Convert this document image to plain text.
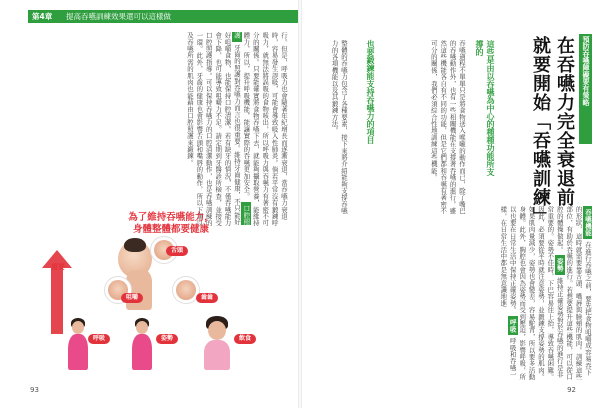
第4章 提高吞嚥訓練效果還可以這樣做
行。但是，呼吸力也會隨著年紀增長而逐漸衰退，當吞嚥力衰退時，容易發生誤吸，可能會導致吸入性肺炎。倘若平常沒有鍛鍊呼吸力，就無法將誤吸的食物咳出，所以呼吸力與吞嚥力有著密不可分的關係。只要能確實將食物吞嚥下去，就能夠攝取營養，能維持體力，所以，提升呼吸機能，能讓實際的吞嚥更加安全。 口腔照護 牙齒的照護對吞嚥力而言也很重要。維持牙齒健康，不只能好好咀嚼食物，也能保持口腔清潔。若有缺牙的情況，不僅吞嚥能力會下降，也可能導致咀嚼力不足。請定期到牙醫診所檢查，並接受口腔照護指導。可以保持吞嚥力的口腔清潔動作，也是吞嚥訓練的一環。此外，牙齒的健康也會影響舌頭和嘴唇的動作，所以下頷以及吞嚥所需的肌肉也能藉由口腔照護來鍛鍊。
為了維持吞嚥能力，
身體整體都要健康
舌頭
咀嚼	齒齒
重要
呼吸	姿勢	飲食
93
預防吞嚥障礙要有策略
在吞嚥力完全衰退前
就要開始「吞嚥訓練」
這些是由以吞嚥為中心的種種功能所支撐的
吞嚥過程不單單只是將食物送入喉嚨的動作而已，除了嘴巴的吞嚥動作外，也有一些相關機能在支撐著吞嚥的進行。雖然這些機能各自有不同的功能，但是它們都和吞嚥有著密不可分的關係，我們必須綜合性地訓練這些機能。
也要鍛鍊能支持吞嚥力的項目
整體的吞嚥力包含了各種要素，接下來將介紹能夠支撐吞嚥力的各項機能以及其鍛鍊方法。
吞嚥機能 在進行吞嚥之前，要先把食物咀嚼成容易吞下的形狀，這時就需要靠舌頭、嘴唇與臉頰的肌肉。訓練這些部位，有助於吞嚥的進行。若想要提升這些機能，可以從口腔的體操做起。 姿勢 維持正確姿勢對於吞嚥的進行是非常重要的。姿勢不佳時，下巴容易往上抬，導致吞嚥困難。因此，必須要從平時就注意姿勢，並鍛鍊支撐姿勢的肌肉。如果肌肉量減少，姿勢也會變差，容易駝背，所以要多活動身體。此外，胸腔也會因為姿勢而受到壓迫，影響呼吸，所以也要在日常生活中保持正確姿勢。 呼吸 呼吸和吞嚥一樣，在日常生活中都是無意識地進
92
